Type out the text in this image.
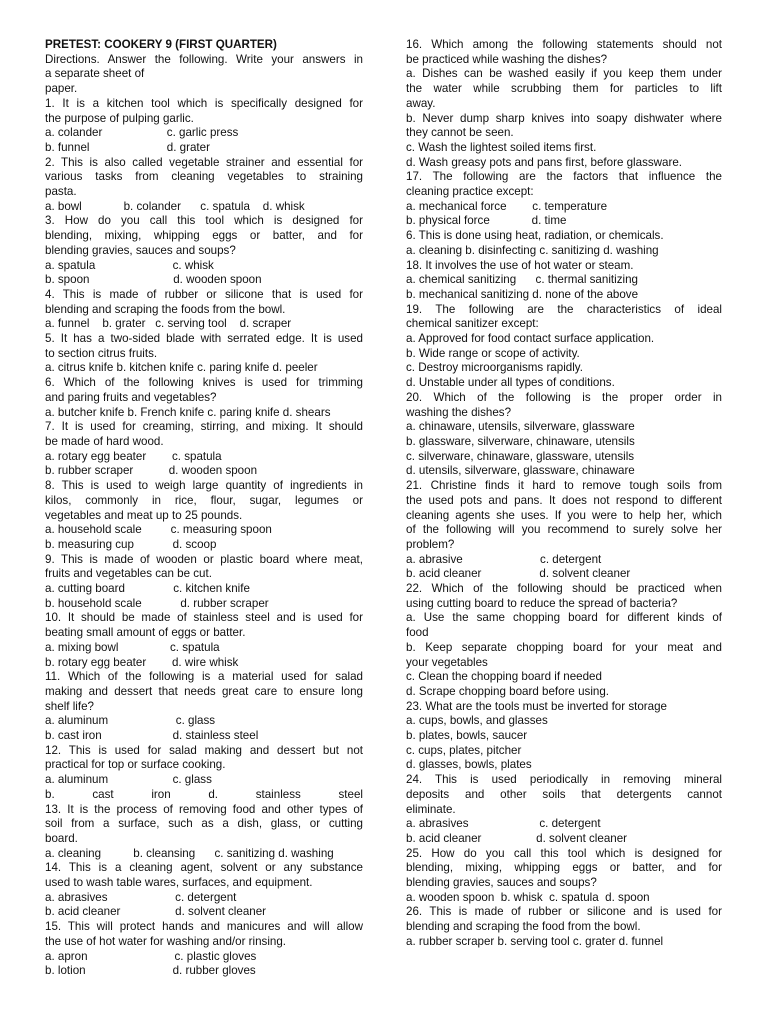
PRETEST: COOKERY 9 (FIRST QUARTER)
Directions. Answer the following. Write your answers in
a separate sheet of
paper.
1. It is a kitchen tool which is specifically designed for
the purpose of pulping garlic.
a. colander                    c. garlic press
b. funnel                        d. grater
2. This is also called vegetable strainer and essential for
various tasks from cleaning vegetables to straining
pasta.
a. bowl             b. colander      c. spatula    d. whisk
3. How do you call this tool which is designed for
blending, mixing, whipping eggs or batter, and for
blending gravies, sauces and soups?
a. spatula                        c. whisk
b. spoon                          d. wooden spoon
4. This is made of rubber or silicone that is used for
blending and scraping the foods from the bowl.
a. funnel    b. grater   c. serving tool    d. scraper
5. It has a two-sided blade with serrated edge. It is used
to section citrus fruits.
a. citrus knife b. kitchen knife c. paring knife d. peeler
6. Which of the following knives is used for trimming
and paring fruits and vegetables?
a. butcher knife b. French knife c. paring knife d. shears
7. It is used for creaming, stirring, and mixing. It should
be made of hard wood.
a. rotary egg beater        c. spatula
b. rubber scraper           d. wooden spoon
8. This is used to weigh large quantity of ingredients in
kilos, commonly in rice, flour, sugar, legumes or
vegetables and meat up to 25 pounds.
a. household scale         c. measuring spoon
b. measuring cup            d. scoop
9. This is made of wooden or plastic board where meat,
fruits and vegetables can be cut.
a. cutting board               c. kitchen knife
b. household scale            d. rubber scraper
10. It should be made of stainless steel and is used for
beating small amount of eggs or batter.
a. mixing bowl                c. spatula
b. rotary egg beater        d. wire whisk
11. Which of the following is a material used for salad
making and dessert that needs great care to ensure long
shelf life?
a. aluminum                     c. glass
b. cast iron                      d. stainless steel
12. This is used for salad making and dessert but not
practical for top or surface cooking.
a. aluminum                    c. glass
b. cast iron d. stainless steel
13. It is the process of removing food and other types of
soil from a surface, such as a dish, glass, or cutting
board.
a. cleaning          b. cleansing      c. sanitizing d. washing
14. This is a cleaning agent, solvent or any substance
used to wash table wares, surfaces, and equipment.
a. abrasives                     c. detergent
b. acid cleaner                 d. solvent cleaner
15. This will protect hands and manicures and will allow
the use of hot water for washing and/or rinsing.
a. apron                           c. plastic gloves
b. lotion                           d. rubber gloves
16. Which among the following statements should not
be practiced while washing the dishes?
a. Dishes can be washed easily if you keep them under
the water while scrubbing them for particles to lift
away.
b. Never dump sharp knives into soapy dishwater where
they cannot be seen.
c. Wash the lightest soiled items first.
d. Wash greasy pots and pans first, before glassware.
17. The following are the factors that influence the
cleaning practice except:
a. mechanical force        c. temperature
b. physical force             d. time
6. This is done using heat, radiation, or chemicals.
a. cleaning b. disinfecting c. sanitizing d. washing
18. It involves the use of hot water or steam.
a. chemical sanitizing      c. thermal sanitizing
b. mechanical sanitizing d. none of the above
19. The following are the characteristics of ideal
chemical sanitizer except:
a. Approved for food contact surface application.
b. Wide range or scope of activity.
c. Destroy microorganisms rapidly.
d. Unstable under all types of conditions.
20. Which of the following is the proper order in
washing the dishes?
a. chinaware, utensils, silverware, glassware
b. glassware, silverware, chinaware, utensils
c. silverware, chinaware, glassware, utensils
d. utensils, silverware, glassware, chinaware
21. Christine finds it hard to remove tough soils from
the used pots and pans. It does not respond to different
cleaning agents she uses. If you were to help her, which
of the following will you recommend to surely solve her
problem?
a. abrasive                        c. detergent
b. acid cleaner                  d. solvent cleaner
22. Which of the following should be practiced when
using cutting board to reduce the spread of bacteria?
a. Use the same chopping board for different kinds of
food
b. Keep separate chopping board for your meat and
your vegetables
c. Clean the chopping board if needed
d. Scrape chopping board before using.
23. What are the tools must be inverted for storage
a. cups, bowls, and glasses
b. plates, bowls, saucer
c. cups, plates, pitcher
d. glasses, bowls, plates
24. This is used periodically in removing mineral
deposits and other soils that detergents cannot
eliminate.
a. abrasives                      c. detergent
b. acid cleaner                 d. solvent cleaner
25. How do you call this tool which is designed for
blending, mixing, whipping eggs or batter, and for
blending gravies, sauces and soups?
a. wooden spoon  b. whisk  c. spatula  d. spoon
26. This is made of rubber or silicone and is used for
blending and scraping the food from the bowl.
a. rubber scraper b. serving tool c. grater d. funnel
